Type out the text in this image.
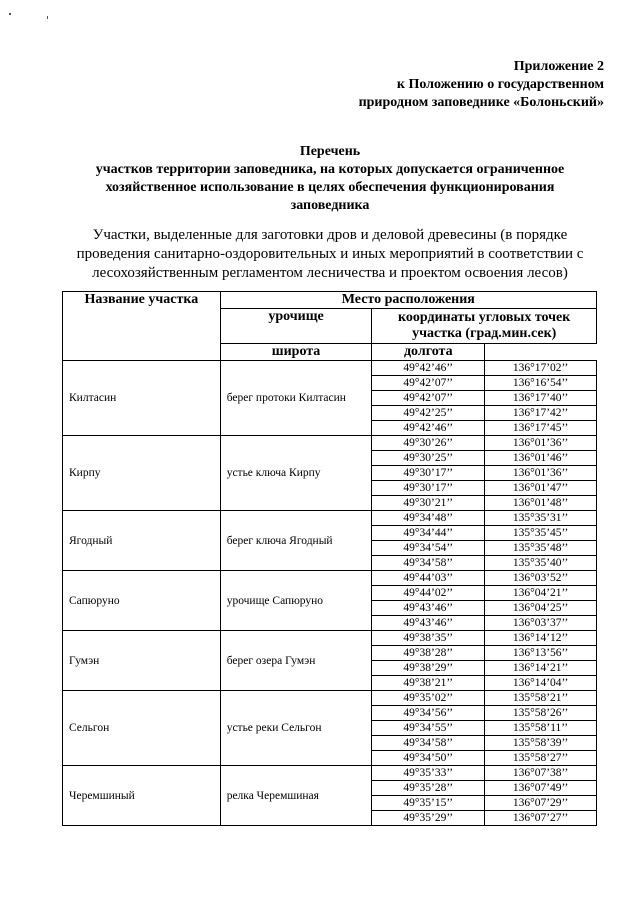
Приложение 2
к Положению о государственном
природном заповеднике «Болоньский»
Перечень
участков территории заповедника, на которых допускается ограниченное
хозяйственное использование в целях обеспечения функционирования
заповедника
Участки, выделенные для заготовки дров и деловой древесины (в порядке
проведения санитарно-оздоровительных и иных мероприятий в соответствии с
лесохозяйственным регламентом лесничества и проектом освоения лесов)
Название участка	Место расположения		
	урочище	координаты угловых точек участка (град.мин.сек)	
	широта	долгота	
Килтасин	берег протоки Килтасин	49°42’46’’	136°17’02’’
		49°42’07’’	136°16’54’’
		49°42’07’’	136°17’40’’
		49°42’25’’	136°17’42’’
		49°42’46’’	136°17’45’’
Кирпу	устье ключа Кирпу	49°30’26’’	136°01’36’’
		49°30’25’’	136°01’46’’
		49°30’17’’	136°01’36’’
		49°30’17’’	136°01’47’’
		49°30’21’’	136°01’48’’
Ягодный	берег ключа Ягодный	49°34’48’’	135°35’31’’
		49°34’44’’	135°35’45’’
		49°34’54’’	135°35’48’’
		49°34’58’’	135°35’40’’
Сапюруно	урочище Сапюруно	49°44’03’’	136°03’52’’
		49°44’02’’	136°04’21’’
		49°43’46’’	136°04’25’’
		49°43’46’’	136°03’37’’
Гумэн	берег озера Гумэн	49°38’35’’	136°14’12’’
		49°38’28’’	136°13’56’’
		49°38’29’’	136°14’21’’
		49°38’21’’	136°14’04’’
Сельгон	устье реки Сельгон	49°35’02’’	135°58’21’’
		49°34’56’’	135°58’26’’
		49°34’55’’	135°58’11’’
		49°34’58’’	135°58’39’’
		49°34’50’’	135°58’27’’
Черемшиный	релка Черемшиная	49°35’33’’	136°07’38’’
		49°35’28’’	136°07’49’’
		49°35’15’’	136°07’29’’
		49°35’29’’	136°07’27’’
